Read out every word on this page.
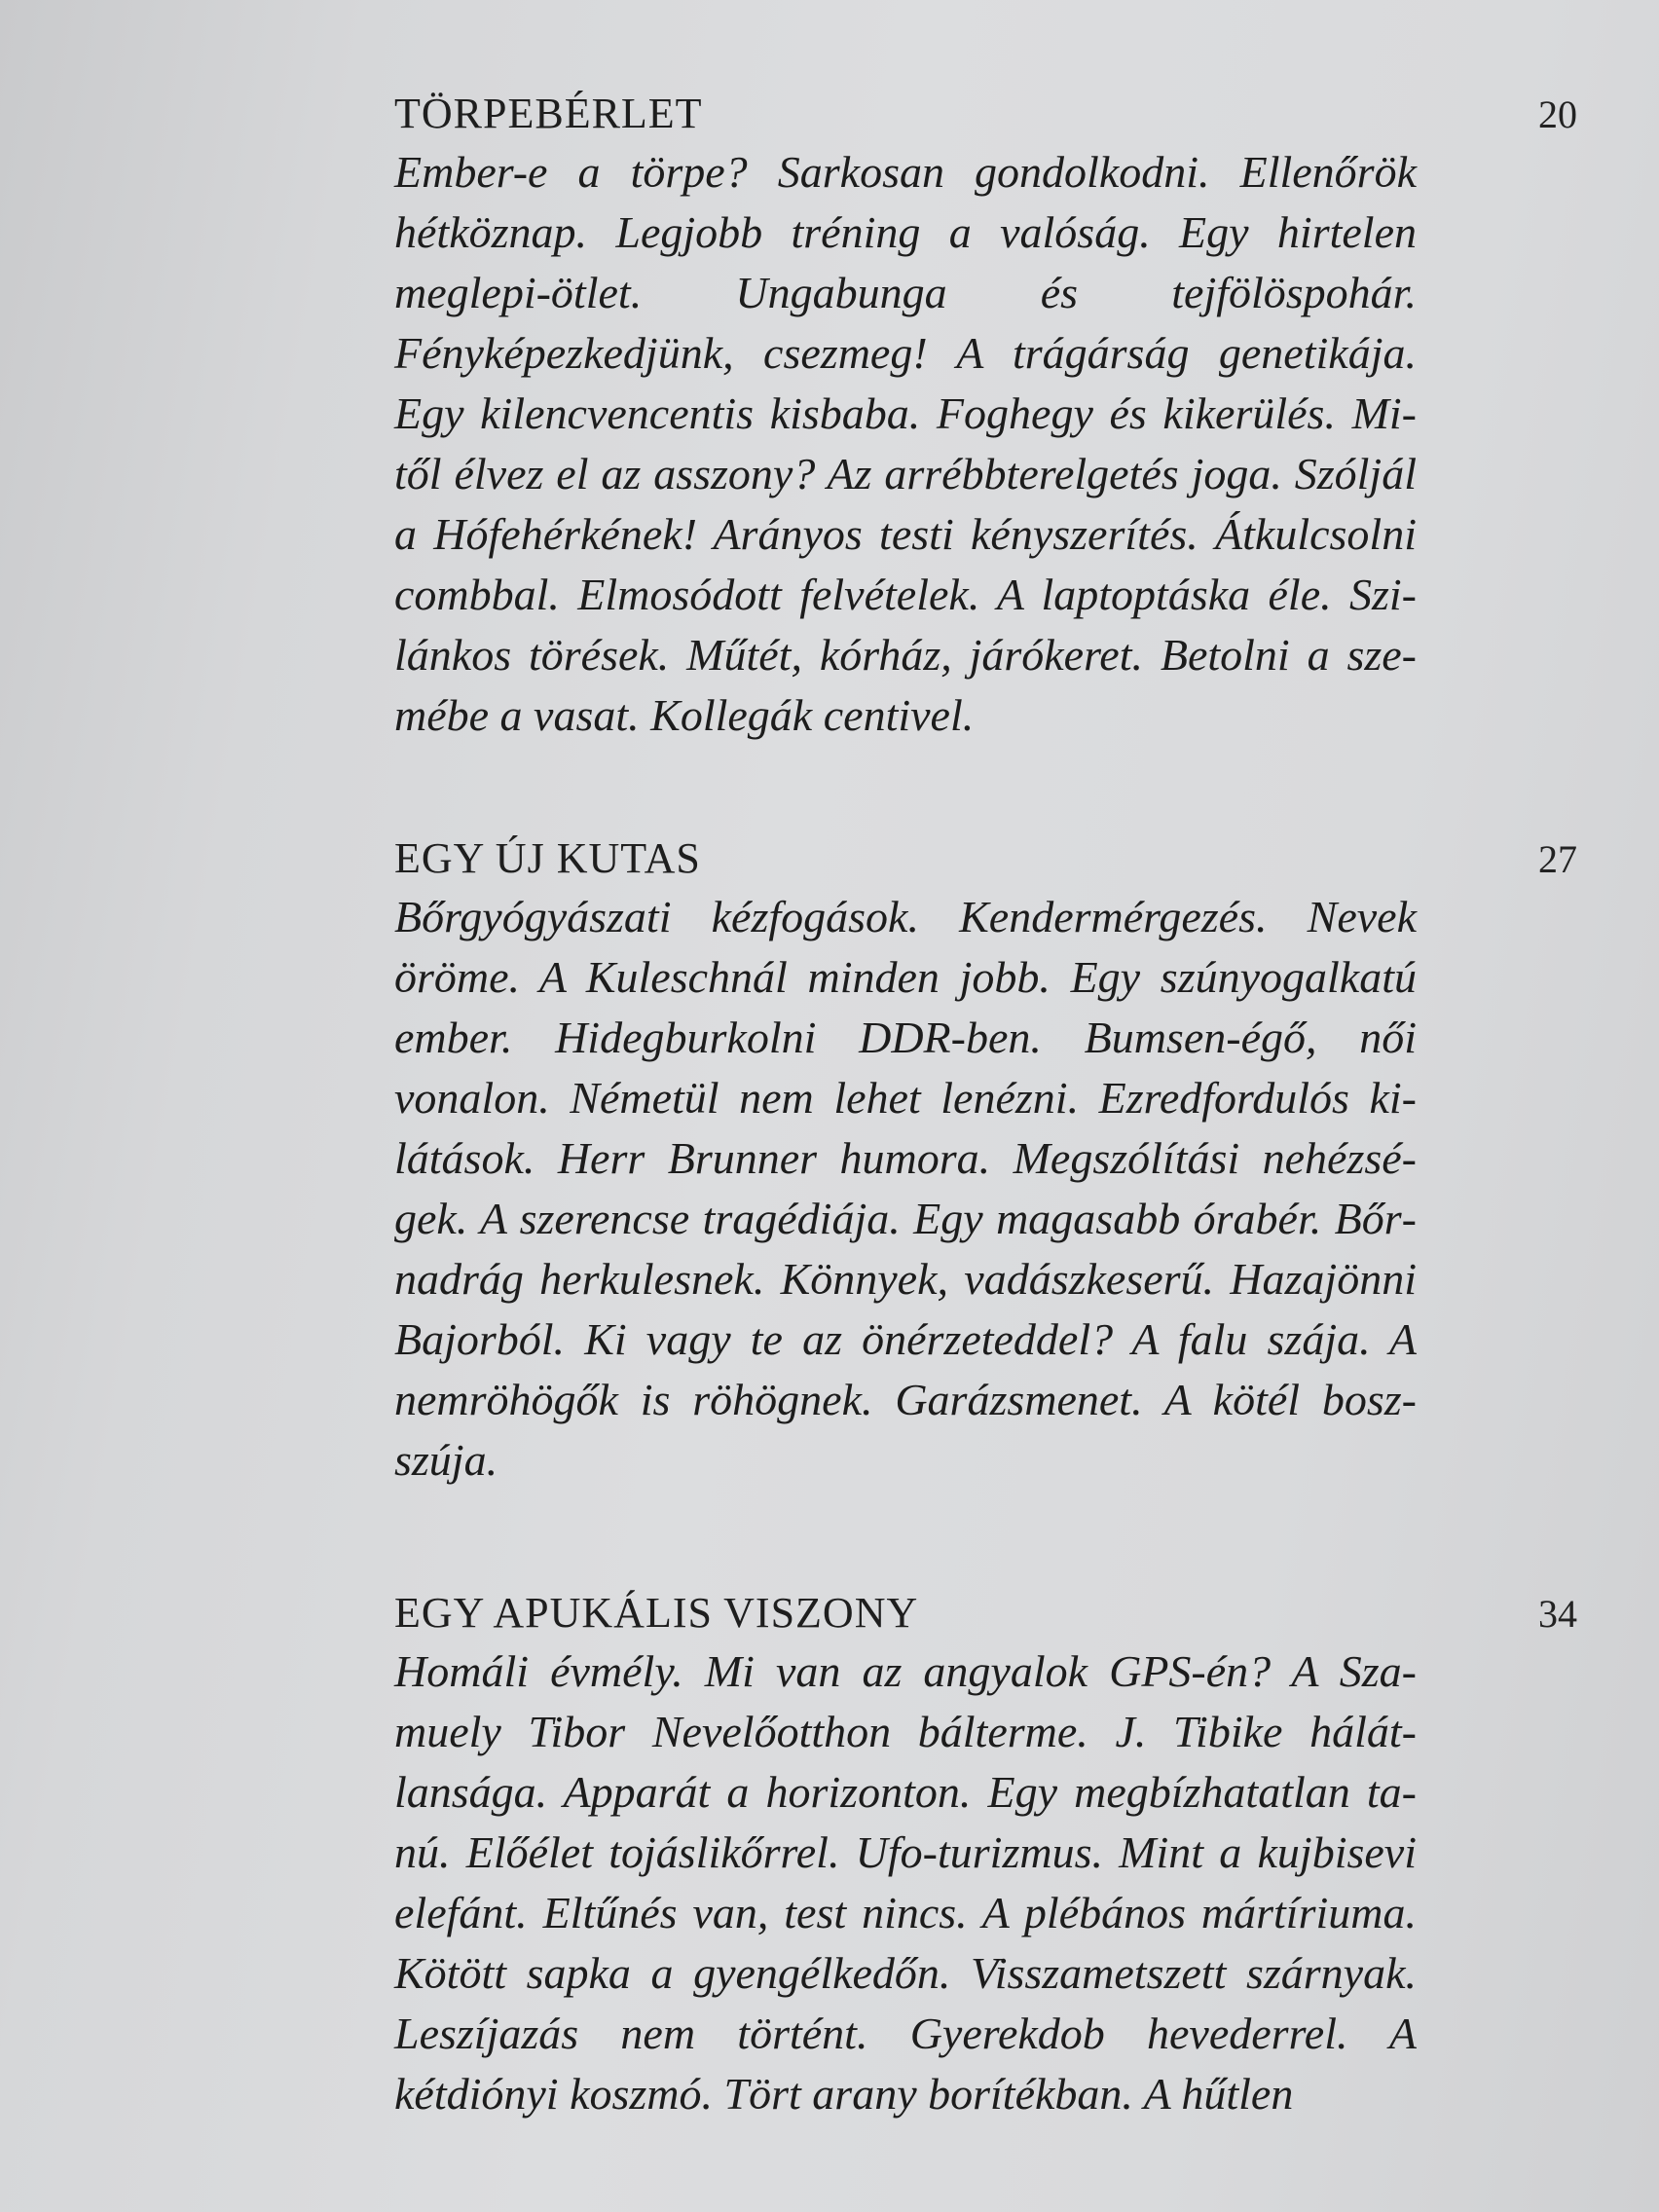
TÖRPEBÉRLET	20
Ember-e a törpe? Sarkosan gondolkodni. Ellenőrök hétköznap. Legjobb tréning a valóság. Egy hirtelen meglepi-ötlet. Ungabunga és tejfölöspohár. Fényképezkedjünk, csezmeg! A trágárság genetikája. Egy kilencvencentis kisbaba. Foghegy és kikerülés. Mitől élvez el az asszony? Az arrébbterelgetés joga. Szóljál a Hófehérkének! Arányos testi kényszerítés. Átkulcsolni combbal. Elmosódott felvételek. A laptoptáska éle. Szilánkos törések. Műtét, kórház, járókeret. Betolni a szemébe a vasat. Kollegák centivel.
EGY ÚJ KUTAS	27
Bőrgyógyászati kézfogások. Kendermérgezés. Nevek öröme. A Kuleschnál minden jobb. Egy szúnyogalkatú ember. Hidegburkolni DDR-ben. Bumsen-égő, női vonalon. Németül nem lehet lenézni. Ezredfordulós kilátások. Herr Brunner humora. Megszólítási nehézségek. A szerencse tragédiája. Egy magasabb órabér. Bőrnadrág herkulesnek. Könnyek, vadászkeserű. Hazajönni Bajorból. Ki vagy te az önérzeteddel? A falu szája. A nemröhögők is röhögnek. Garázsmenet. A kötél boszszúja.
EGY APUKÁLIS VISZONY	34
Homáli évmély. Mi van az angyalok GPS-én? A Szamuely Tibor Nevelőotthon bálterme. J. Tibike hálátlansága. Apparát a horizonton. Egy megbízhatatlan tanú. Előélet tojáslikőrrel. Ufo-turizmus. Mint a kujbisevi elefánt. Eltűnés van, test nincs. A plébános mártíriuma. Kötött sapka a gyengélkedőn. Visszametszett szárnyak. Leszíjazás nem történt. Gyerekdob hevederrel. A kétdiónyi koszmó. Tört arany borítékban. A hűtlen
